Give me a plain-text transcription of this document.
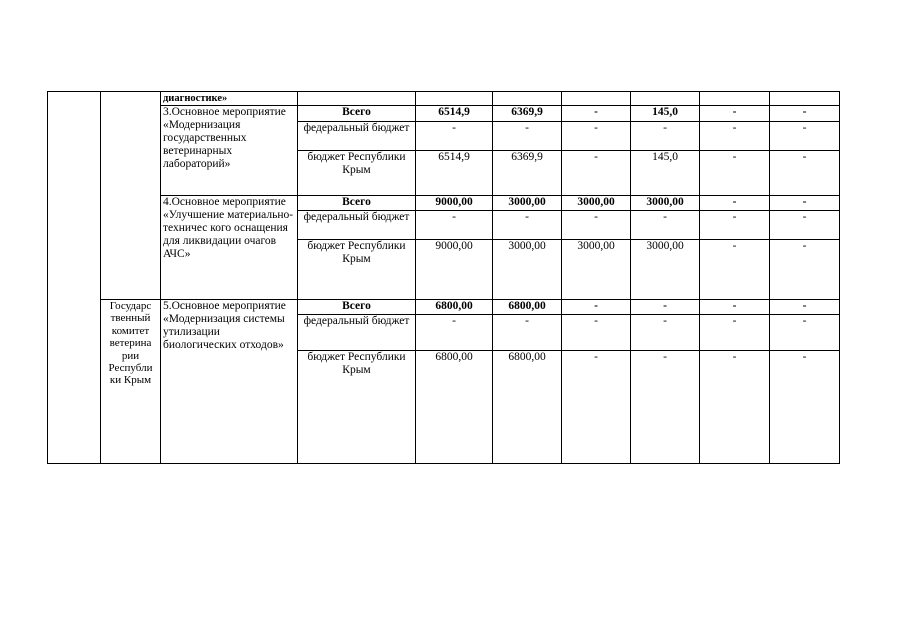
		диагностике»							
		3.Основное мероприятие «Модернизация государственных ветеринарных лабораторий»	Всего	6514,9	6369,9	-	145,0	-	-
			федеральный бюджет	-	-	-	-	-	-
			бюджет Республики Крым	6514,9	6369,9	-	145,0	-	-
		4.Основное мероприятие «Улучшение материально-техничес кого оснащения для ликвидации очагов АЧС»	Всего	9000,00	3000,00	3000,00	3000,00	-	-
			федеральный бюджет	-	-	-	-	-	-
			бюджет Республики Крым	9000,00	3000,00	3000,00	3000,00	-	-
	Государс твенный комитет ветерина рии Республи ки Крым	5.Основное мероприятие «Модернизация системы утилизации биологических отходов»	Всего	6800,00	6800,00	-	-	-	-
			федеральный бюджет	-	-	-	-	-	-
			бюджет Республики Крым	6800,00	6800,00	-	-	-	-
